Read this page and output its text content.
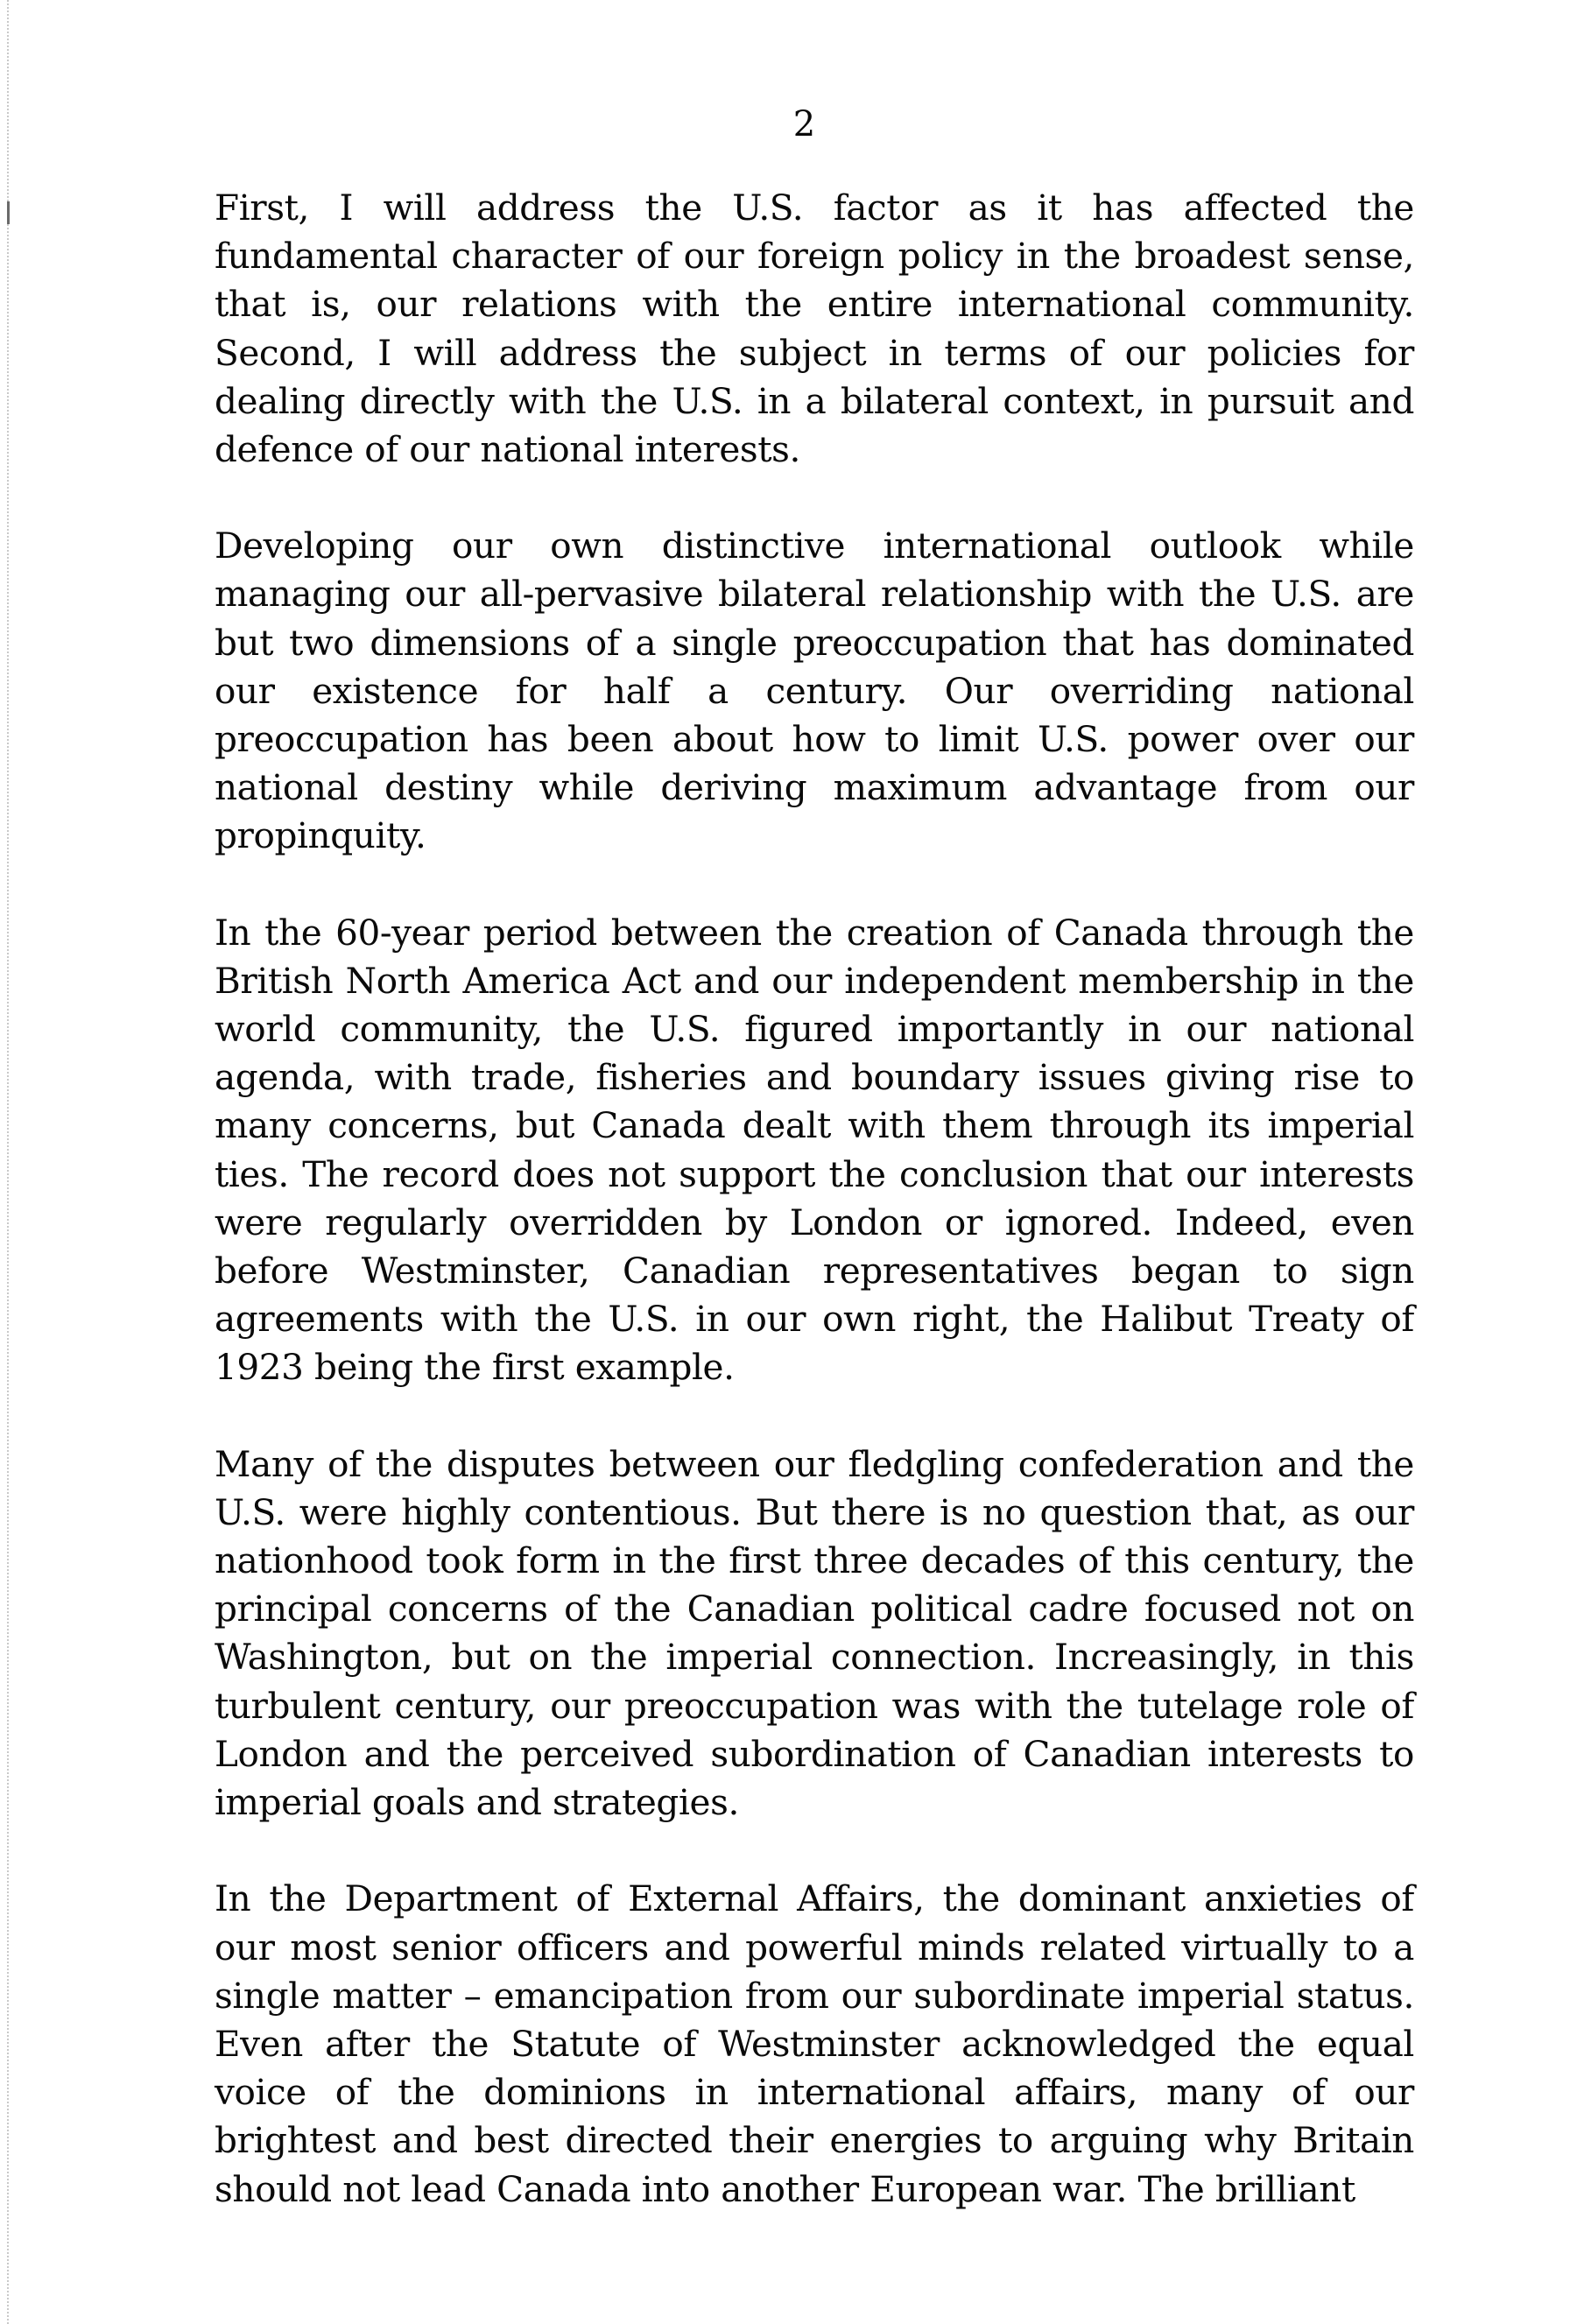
2

First, I will address the U.S. factor as it has affected the fundamental character of our foreign policy in the broadest sense, that is, our relations with the entire international community. Second, I will address the subject in terms of our policies for dealing directly with the U.S. in a bilateral context, in pursuit and defence of our national interests.

Developing our own distinctive international outlook while managing our all-pervasive bilateral relationship with the U.S. are but two dimensions of a single preoccupation that has dominated our existence for half a century. Our overriding national preoccupation has been about how to limit U.S. power over our national destiny while deriving maximum advantage from our propinquity.

In the 60-year period between the creation of Canada through the British North America Act and our independent membership in the world community, the U.S. figured importantly in our national agenda, with trade, fisheries and boundary issues giving rise to many concerns, but Canada dealt with them through its imperial ties. The record does not support the conclusion that our interests were regularly overridden by London or ignored. Indeed, even before Westminster, Canadian representatives began to sign agreements with the U.S. in our own right, the Halibut Treaty of 1923 being the first example.

Many of the disputes between our fledgling confederation and the U.S. were highly contentious. But there is no question that, as our nationhood took form in the first three decades of this century, the principal concerns of the Canadian political cadre focused not on Washington, but on the imperial connection. Increasingly, in this turbulent century, our preoccupation was with the tutelage role of London and the perceived subordination of Canadian interests to imperial goals and strategies.

In the Department of External Affairs, the dominant anxieties of our most senior officers and powerful minds related virtually to a single matter – emancipation from our subordinate imperial status. Even after the Statute of Westminster acknowledged the equal voice of the dominions in international affairs, many of our brightest and best directed their energies to arguing why Britain should not lead Canada into another European war. The brilliant
